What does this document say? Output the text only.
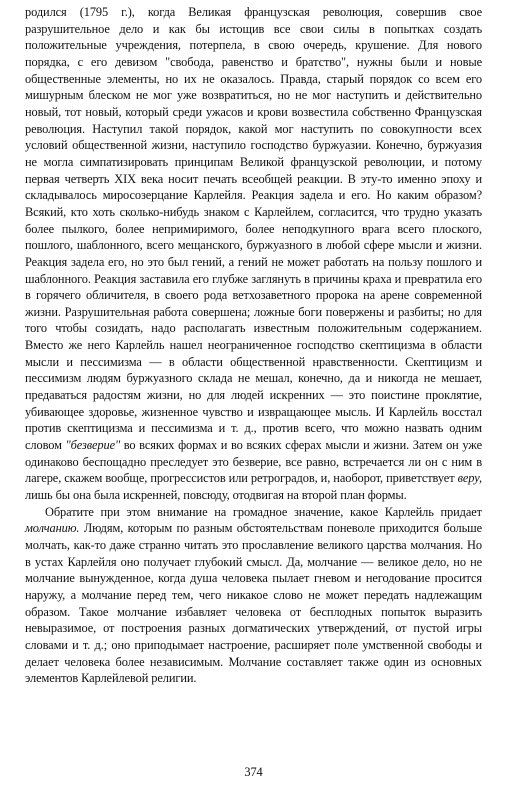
родился (1795 г.), когда Великая французская революция, совершив свое разрушительное дело и как бы истощив все свои силы в попытках создать положительные учреждения, потерпела, в свою очередь, крушение. Для нового порядка, с его девизом "свобода, равенство и братство", нужны были и новые общественные элементы, но их не оказалось. Правда, старый порядок со всем его мишурным блеском не мог уже возвратиться, но не мог наступить и действительно новый, тот новый, который среди ужасов и крови возвестила собственно Французская революция. Наступил такой порядок, какой мог наступить по совокупности всех условий общественной жизни, наступило господство буржуазии. Конечно, буржуазия не могла симпатизировать принципам Великой французской революции, и потому первая четверть XIX века носит печать всеобщей реакции. В эту-то именно эпоху и складывалось миросозерцание Карлейля. Реакция задела и его. Но каким образом? Всякий, кто хоть сколько-нибудь знаком с Карлейлем, согласится, что трудно указать более пылкого, более непримиримого, более неподкупного врага всего плоского, пошлого, шаблонного, всего мещанского, буржуазного в любой сфере мысли и жизни. Реакция задела его, но это был гений, а гений не может работать на пользу пошлого и шаблонного. Реакция заставила его глубже заглянуть в причины краха и превратила его в горячего обличителя, в своего рода ветхозаветного пророка на арене современной жизни. Разрушительная работа совершена; ложные боги повержены и разбиты; но для того чтобы созидать, надо располагать известным положительным содержанием. Вместо же него Карлейль нашел неограниченное господство скептицизма в области мысли и пессимизма — в области общественной нравственности. Скептицизм и пессимизм людям буржуазного склада не мешал, конечно, да и никогда не мешает, предаваться радостям жизни, но для людей искренних — это поистине проклятие, убивающее здоровье, жизненное чувство и извращающее мысль. И Карлейль восстал против скептицизма и пессимизма и т. д., против всего, что можно назвать одним словом "безверие" во всяких формах и во всяких сферах мысли и жизни. Затем он уже одинаково беспощадно преследует это безверие, все равно, встречается ли он с ним в лагере, скажем вообще, прогрессистов или ретроградов, и, наоборот, приветствует веру, лишь бы она была искренней, повсюду, отодвигая на второй план формы.

Обратите при этом внимание на громадное значение, какое Карлейль придает молчанию. Людям, которым по разным обстоятельствам поневоле приходится больше молчать, как-то даже странно читать это прославление великого царства молчания. Но в устах Карлейля оно получает глубокий смысл. Да, молчание — великое дело, но не молчание вынужденное, когда душа человека пылает гневом и негодование просится наружу, а молчание перед тем, чего никакое слово не может передать надлежащим образом. Такое молчание избавляет человека от бесплодных попыток выразить невыразимое, от построения разных догматических утверждений, от пустой игры словами и т. д.; оно приподымает настроение, расширяет поле умственной свободы и делает человека более независимым. Молчание составляет также один из основных элементов Карлейлевой религии.

374
